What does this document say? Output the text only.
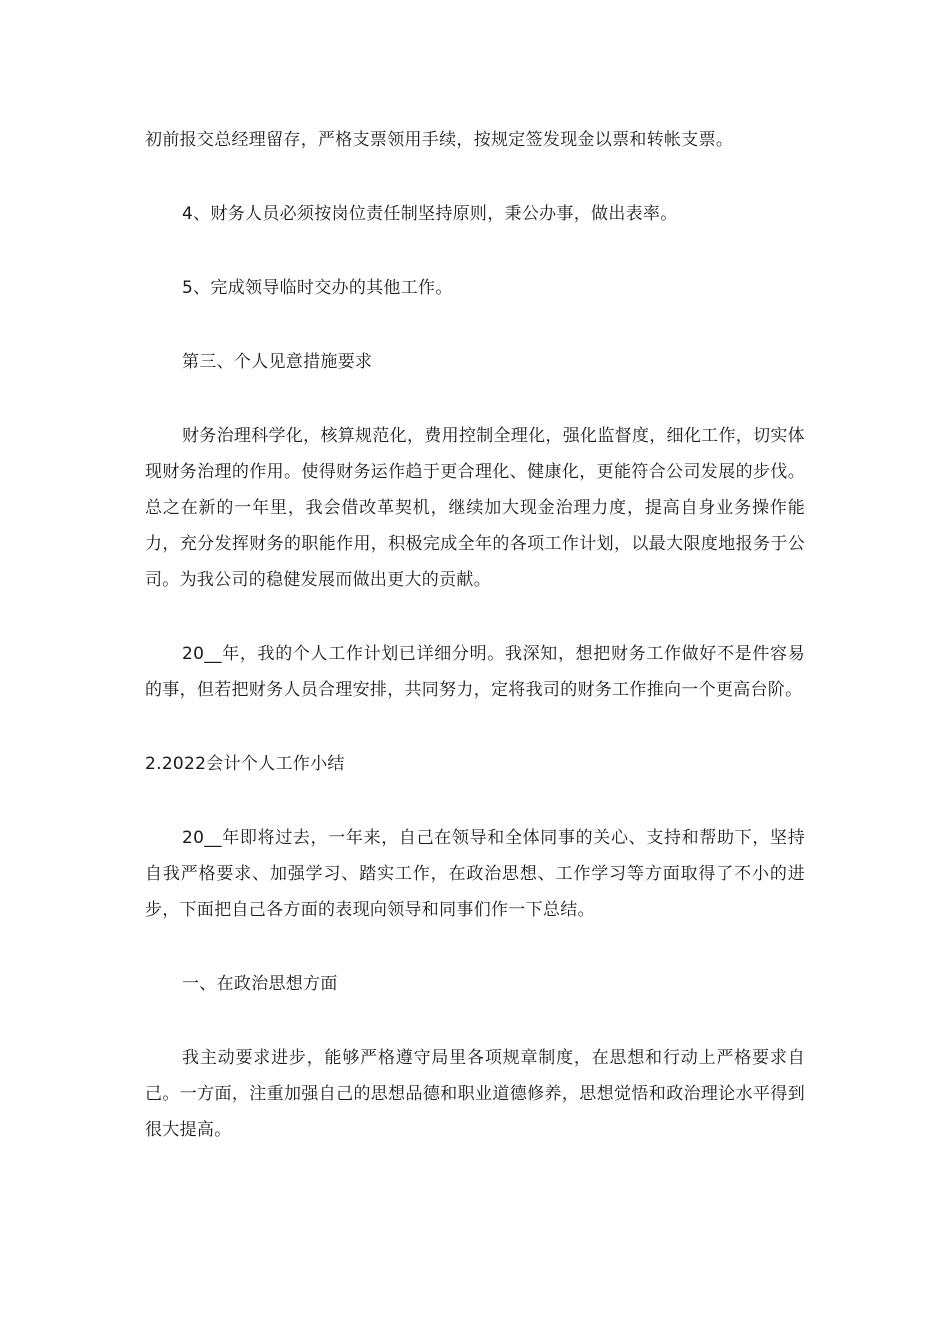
初前报交总经理留存，严格支票领用手续，按规定签发现金以票和转帐支票。

4、财务人员必须按岗位责任制坚持原则，秉公办事，做出表率。

5、完成领导临时交办的其他工作。

第三、个人见意措施要求

财务治理科学化，核算规范化，费用控制全理化，强化监督度，细化工作，切实体现财务治理的作用。使得财务运作趋于更合理化、健康化，更能符合公司发展的步伐。总之在新的一年里，我会借改革契机，继续加大现金治理力度，提高自身业务操作能力，充分发挥财务的职能作用，积极完成全年的各项工作计划，以最大限度地报务于公司。为我公司的稳健发展而做出更大的贡献。

20__年，我的个人工作计划已详细分明。我深知，想把财务工作做好不是件容易的事，但若把财务人员合理安排，共同努力，定将我司的财务工作推向一个更高台阶。

2.2022会计个人工作小结

20__年即将过去，一年来，自己在领导和全体同事的关心、支持和帮助下，坚持自我严格要求、加强学习、踏实工作，在政治思想、工作学习等方面取得了不小的进步，下面把自己各方面的表现向领导和同事们作一下总结。

一、在政治思想方面

我主动要求进步，能够严格遵守局里各项规章制度，在思想和行动上严格要求自己。一方面，注重加强自己的思想品德和职业道德修养，思想觉悟和政治理论水平得到很大提高。
